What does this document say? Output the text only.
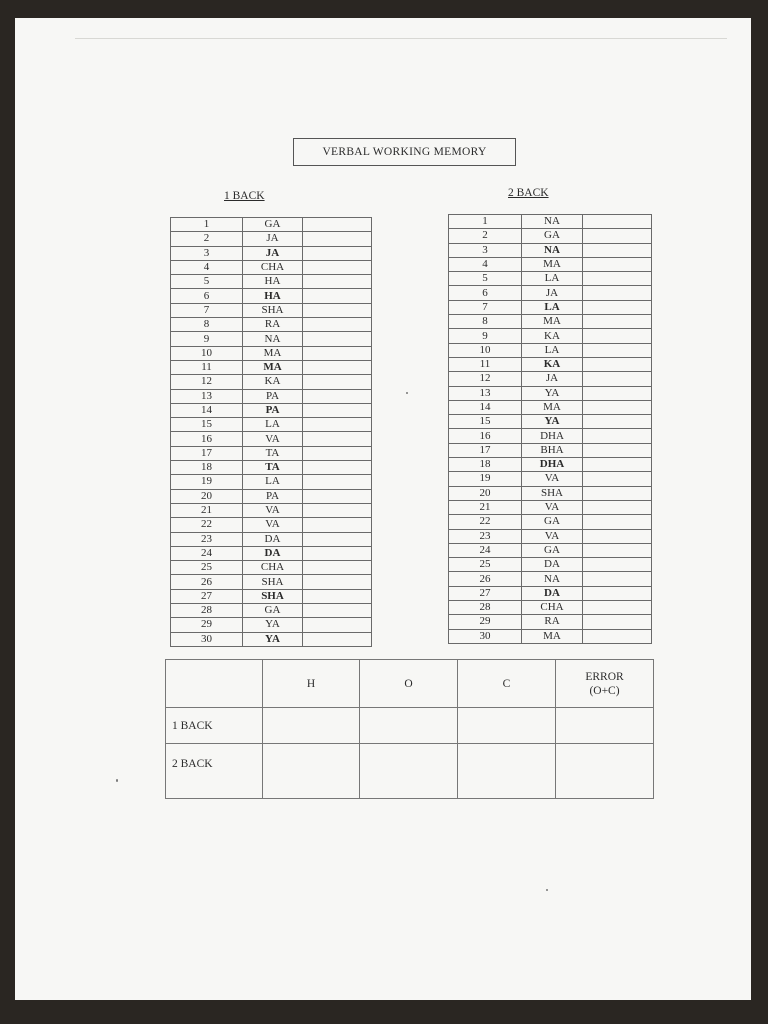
VERBAL WORKING MEMORY
1 BACK	2 BACK
1	GA	
2	JA	
3	JA	
4	CHA	
5	HA	
6	HA	
7	SHA	
8	RA	
9	NA	
10	MA	
11	MA	
12	KA	
13	PA	
14	PA	
15	LA	
16	VA	
17	TA	
18	TA	
19	LA	
20	PA	
21	VA	
22	VA	
23	DA	
24	DA	
25	CHA	
26	SHA	
27	SHA	
28	GA	
29	YA	
30	YA	
1	NA	
2	GA	
3	NA	
4	MA	
5	LA	
6	JA	
7	LA	
8	MA	
9	KA	
10	LA	
11	KA	
12	JA	
13	YA	
14	MA	
15	YA	
16	DHA	
17	BHA	
18	DHA	
19	VA	
20	SHA	
21	VA	
22	GA	
23	VA	
24	GA	
25	DA	
26	NA	
27	DA	
28	CHA	
29	RA	
30	MA	
	H	O	C	ERROR
(O+C)
1 BACK				
2 BACK				
